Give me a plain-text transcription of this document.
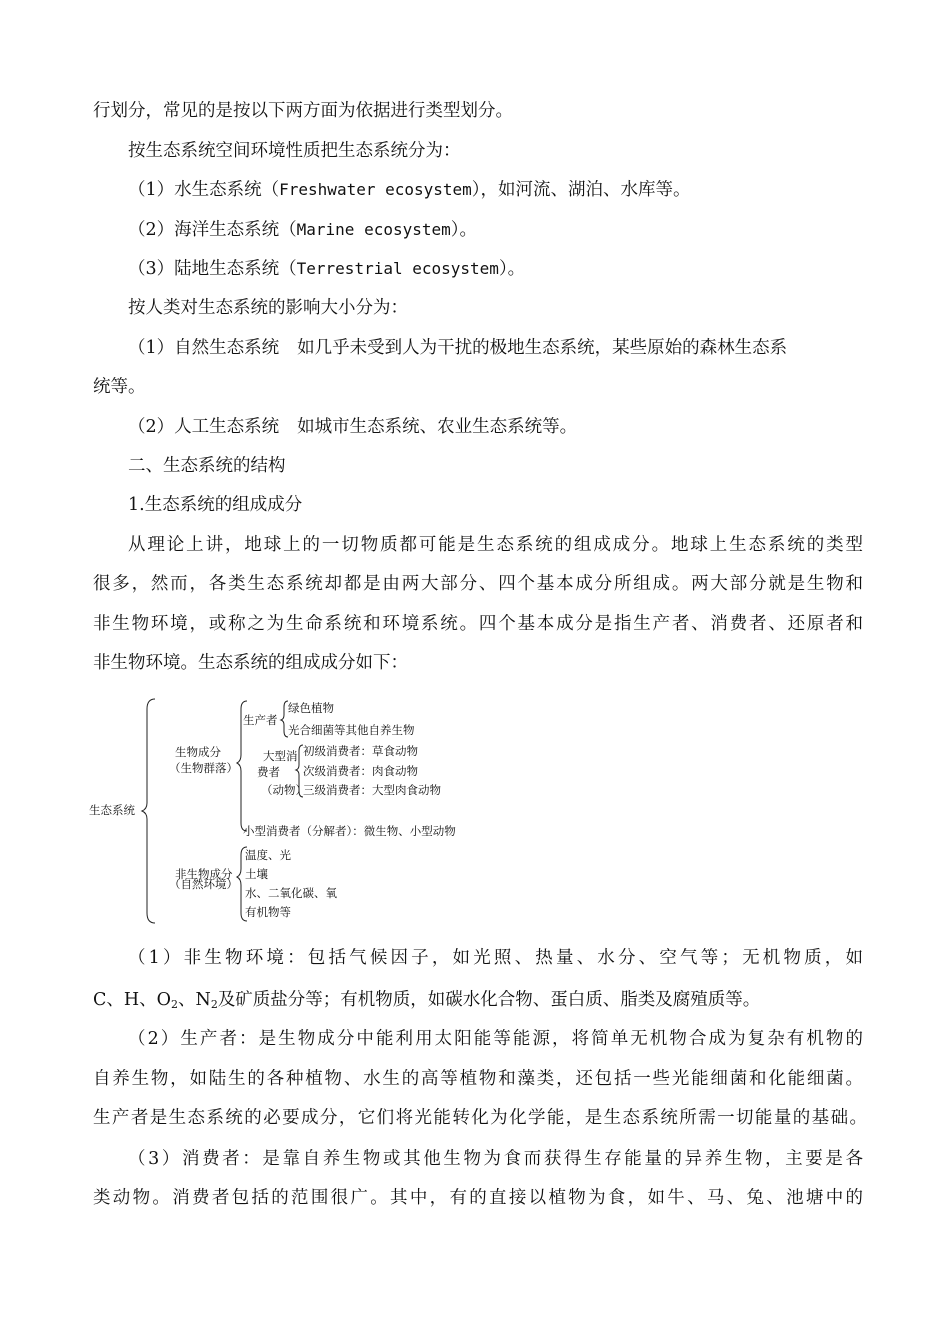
行划分，常见的是按以下两方面为依据进行类型划分。
按生态系统空间环境性质把生态系统分为：
（1）水生态系统（Freshwater ecosystem），如河流、湖泊、水库等。
（2）海洋生态系统（Marine ecosystem）。
（3）陆地生态系统（Terrestrial ecosystem）。
按人类对生态系统的影响大小分为：
（1）自然生态系统 如几乎未受到人为干扰的极地生态系统，某些原始的森林生态系
统等。
（2）人工生态系统 如城市生态系统、农业生态系统等。
二、生态系统的结构
1.生态系统的组成成分
从理论上讲，地球上的一切物质都可能是生态系统的组成成分。地球上生态系统的类型
很多，然而，各类生态系统却都是由两大部分、四个基本成分所组成。两大部分就是生物和
非生物环境，或称之为生命系统和环境系统。四个基本成分是指生产者、消费者、还原者和
非生物环境。生态系统的组成成分如下：
生态系统
生物成分
（生物群落）
生产者
绿色植物
光合细菌等其他自养生物
大型消
费者
（动物）
初级消费者：草食动物
次级消费者：肉食动物
三级消费者：大型肉食动物
小型消费者（分解者）：微生物、小型动物
非生物成分
（自然环境）
温度、光
土壤
水、二氧化碳、氧
有机物等
（1）非生物环境：包括气候因子，如光照、热量、水分、空气等；无机物质，如
C、H、$O_2$、$N_2$及矿质盐分等；有机物质，如碳水化合物、蛋白质、脂类及腐殖质等。
（2）生产者：是生物成分中能利用太阳能等能源，将简单无机物合成为复杂有机物的
自养生物，如陆生的各种植物、水生的高等植物和藻类，还包括一些光能细菌和化能细菌。
生产者是生态系统的必要成分，它们将光能转化为化学能，是生态系统所需一切能量的基础。
（3）消费者：是靠自养生物或其他生物为食而获得生存能量的异养生物，主要是各
类动物。消费者包括的范围很广。其中，有的直接以植物为食，如牛、马、兔、池塘中的
